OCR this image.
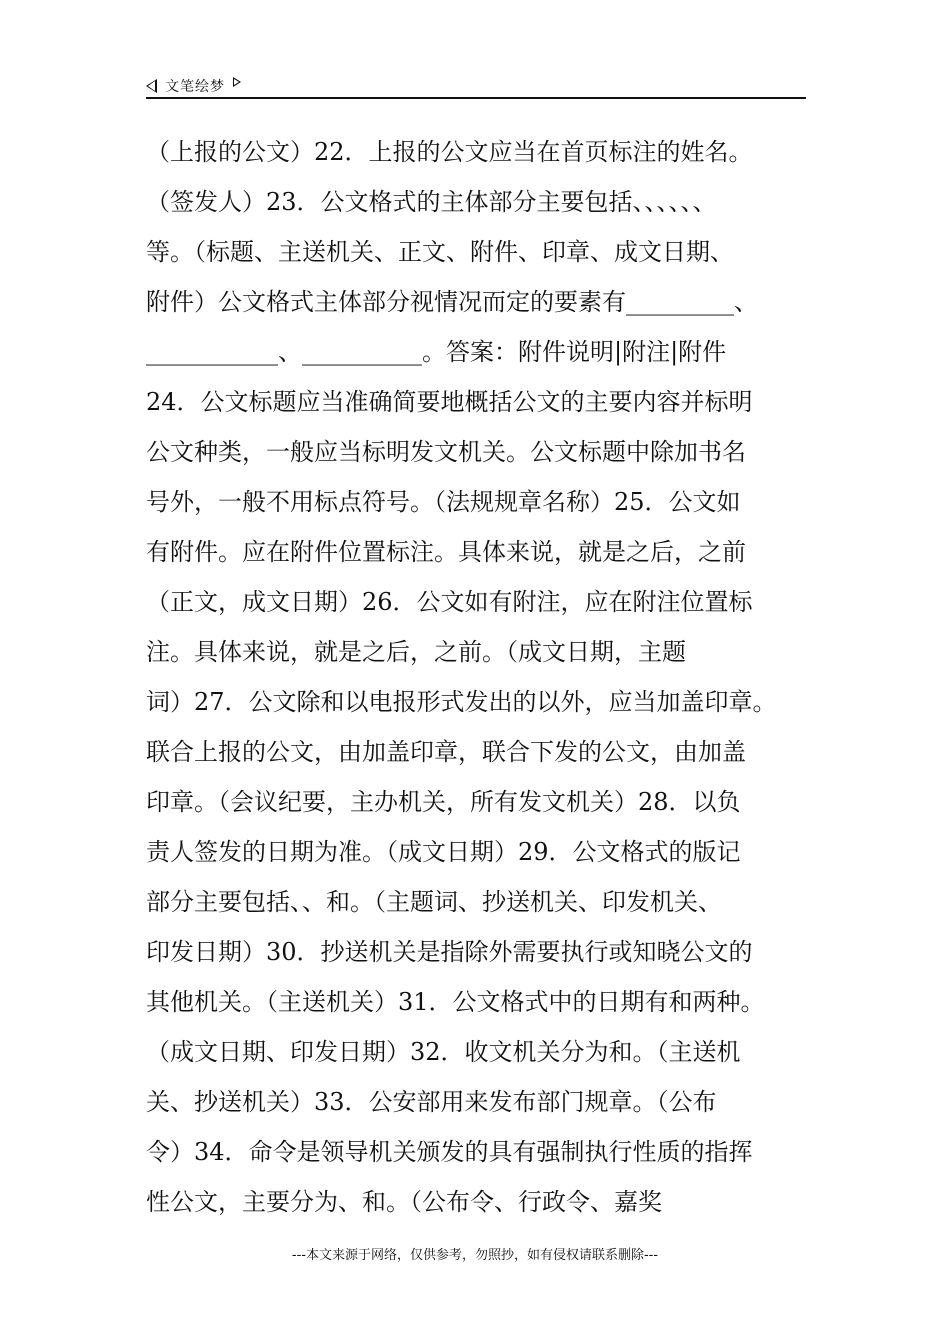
文笔绘梦
（上报的公文）22．上报的公文应当在首页标注的姓名。
（签发人）23．公文格式的主体部分主要包括、、、、、、
等。（标题、主送机关、正文、附件、印章、成文日期、
附件）公文格式主体部分视情况而定的要素有_________、
___________、__________。答案：附件说明|附注|附件
24．公文标题应当准确简要地概括公文的主要内容并标明
公文种类，一般应当标明发文机关。公文标题中除加书名
号外，一般不用标点符号。（法规规章名称）25．公文如
有附件。应在附件位置标注。具体来说，就是之后，之前
（正文，成文日期）26．公文如有附注，应在附注位置标
注。具体来说，就是之后，之前。（成文日期，主题
词）27．公文除和以电报形式发出的以外，应当加盖印章。
联合上报的公文，由加盖印章，联合下发的公文，由加盖
印章。（会议纪要，主办机关，所有发文机关）28．以负
责人签发的日期为准。（成文日期）29．公文格式的版记
部分主要包括、、和。（主题词、抄送机关、印发机关、
印发日期）30．抄送机关是指除外需要执行或知晓公文的
其他机关。（主送机关）31．公文格式中的日期有和两种。
（成文日期、印发日期）32．收文机关分为和。（主送机
关、抄送机关）33．公安部用来发布部门规章。（公布
令）34．命令是领导机关颁发的具有强制执行性质的指挥
性公文，主要分为、和。（公布令、行政令、嘉奖
---本文来源于网络，仅供参考，勿照抄，如有侵权请联系删除---
